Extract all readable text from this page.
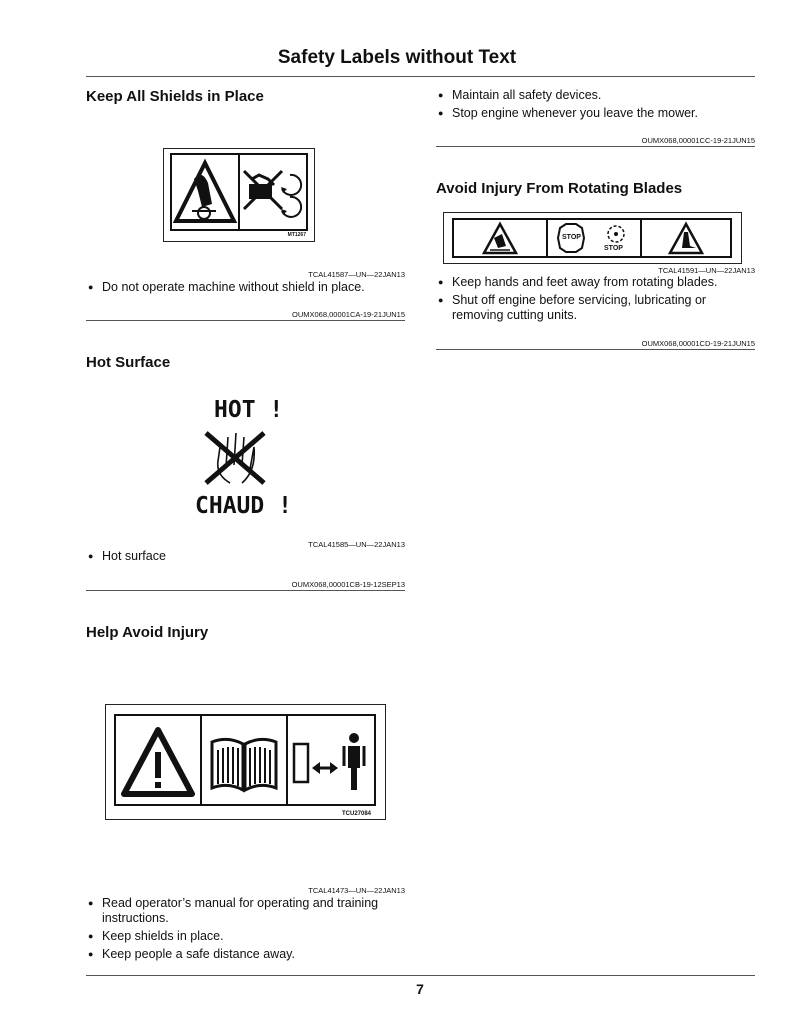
Safety Labels without Text
Keep All Shields in Place
MT1267
TCAL41587—UN—22JAN13
● Do not operate machine without shield in place.
OUMX068,00001CA-19-21JUN15
Hot Surface
HOT !
CHAUD !
TCAL41585—UN—22JAN13
● Hot surface
OUMX068,00001CB-19-12SEP13
Help Avoid Injury
TCU27084
TCAL41473—UN—22JAN13
● Read operator’s manual for operating and training instructions.
● Keep shields in place.
● Keep people a safe distance away.
● Maintain all safety devices.
● Stop engine whenever you leave the mower.
OUMX068,00001CC-19-21JUN15
Avoid Injury From Rotating Blades
STOP
STOP
TCAL41591—UN—22JAN13
● Keep hands and feet away from rotating blades.
● Shut off engine before servicing, lubricating or removing cutting units.
OUMX068,00001CD-19-21JUN15
7
